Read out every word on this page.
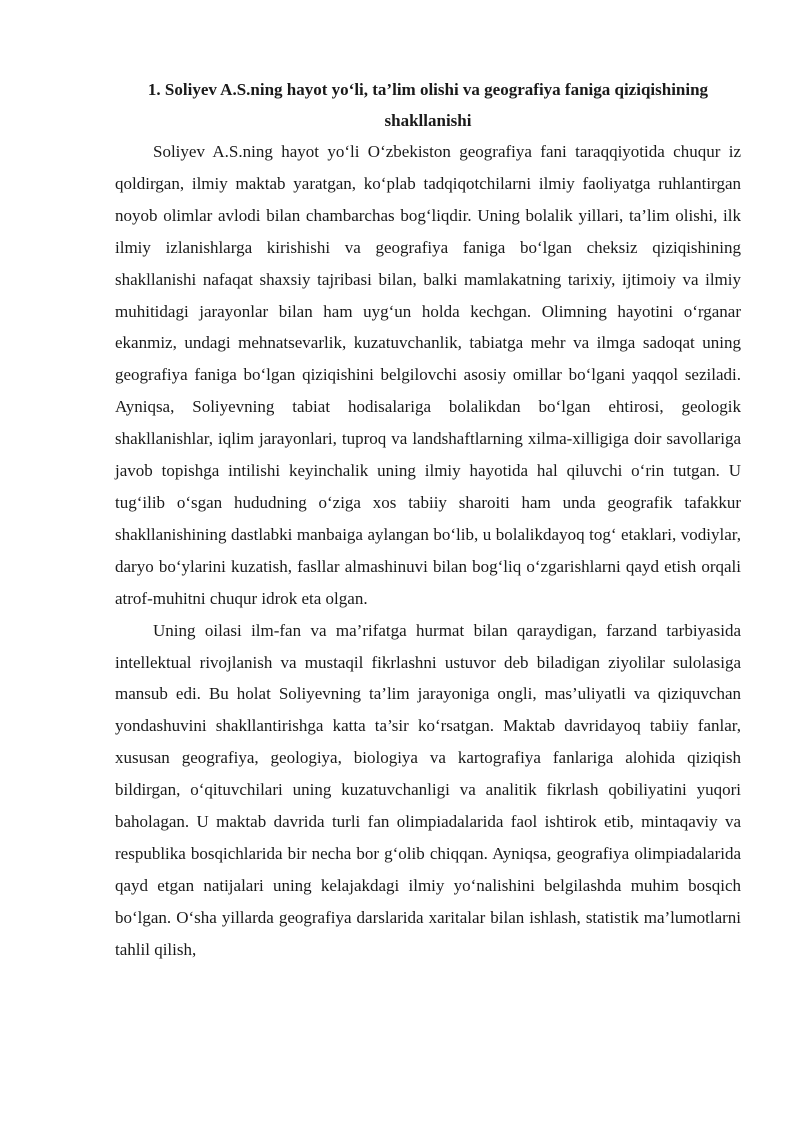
1. Soliyev A.S.ning hayot yo‘li, ta’lim olishi va geografiya faniga qiziqishining shakllanishi

Soliyev A.S.ning hayot yo‘li O‘zbekiston geografiya fani taraqqiyotida chuqur iz qoldirgan, ilmiy maktab yaratgan, ko‘plab tadqiqotchilarni ilmiy faoliyatga ruhlantirgan noyob olimlar avlodi bilan chambarchas bog‘liqdir. Uning bolalik yillari, ta’lim olishi, ilk ilmiy izlanishlarga kirishishi va geografiya faniga bo‘lgan cheksiz qiziqishining shakllanishi nafaqat shaxsiy tajribasi bilan, balki mamlakatning tarixiy, ijtimoiy va ilmiy muhitidagi jarayonlar bilan ham uyg‘un holda kechgan. Olimning hayotini o‘rganar ekanmiz, undagi mehnatsevarlik, kuzatuvchanlik, tabiatga mehr va ilmga sadoqat uning geografiya faniga bo‘lgan qiziqishini belgilovchi asosiy omillar bo‘lgani yaqqol seziladi. Ayniqsa, Soliyevning tabiat hodisalariga bolalikdan bo‘lgan ehtirosi, geologik shakllanishlar, iqlim jarayonlari, tuproq va landshaftlarning xilma-xilligiga doir savollariga javob topishga intilishi keyinchalik uning ilmiy hayotida hal qiluvchi o‘rin tutgan. U tug‘ilib o‘sgan hududning o‘ziga xos tabiiy sharoiti ham unda geografik tafakkur shakllanishining dastlabki manbaiga aylangan bo‘lib, u bolalikdayoq tog‘ etaklari, vodiylar, daryo bo‘ylarini kuzatish, fasllar almashinuvi bilan bog‘liq o‘zgarishlarni qayd etish orqali atrof-muhitni chuqur idrok eta olgan.

Uning oilasi ilm-fan va ma’rifatga hurmat bilan qaraydigan, farzand tarbiyasida intellektual rivojlanish va mustaqil fikrlashni ustuvor deb biladigan ziyolilar sulolasiga mansub edi. Bu holat Soliyevning ta’lim jarayoniga ongli, mas’uliyatli va qiziquvchan yondashuvini shakllantirishga katta ta’sir ko‘rsatgan. Maktab davridayoq tabiiy fanlar, xususan geografiya, geologiya, biologiya va kartografiya fanlariga alohida qiziqish bildirgan, o‘qituvchilari uning kuzatuvchanligi va analitik fikrlash qobiliyatini yuqori baholagan. U maktab davrida turli fan olimpiadalarida faol ishtirok etib, mintaqaviy va respublika bosqichlarida bir necha bor g‘olib chiqqan. Ayniqsa, geografiya olimpiadalarida qayd etgan natijalari uning kelajakdagi ilmiy yo‘nalishini belgilashda muhim bosqich bo‘lgan. O‘sha yillarda geografiya darslarida xaritalar bilan ishlash, statistik ma’lumotlarni tahlil qilish,
